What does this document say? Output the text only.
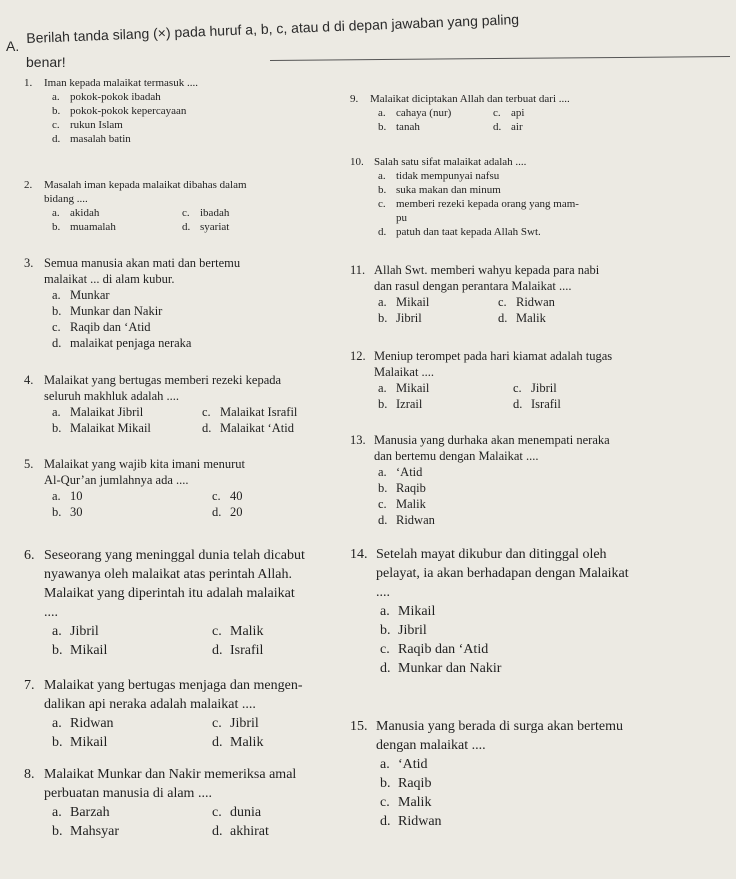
A.
Berilah tanda silang (×) pada huruf a, b, c, atau d di depan jawaban yang paling
benar!
1.	Iman kepada malaikat termasuk ....
a. pokok-pokok ibadah
b. pokok-pokok kepercayaan
c. rukun Islam
d. masalah batin
2.	Masalah iman kepada malaikat dibahas dalam
bidang ....
a. akidah	c. ibadah
b. muamalah	d. syariat
3. Semua manusia akan mati dan bertemu
malaikat ... di alam kubur.
a. Munkar
b. Munkar dan Nakir
c. Raqib dan ‘Atid
d. malaikat penjaga neraka
4. Malaikat yang bertugas memberi rezeki kepada
seluruh makhluk adalah ....
a. Malaikat Jibril	c. Malaikat Israfil
b. Malaikat Mikail	d. Malaikat ‘Atid
5. Malaikat yang wajib kita imani menurut
Al-Qur’an jumlahnya ada ....
a. 10	c. 40
b. 30	d. 20
6. Seseorang yang meninggal dunia telah dicabut
nyawanya oleh malaikat atas perintah Allah.
Malaikat yang diperintah itu adalah malaikat
....
a. Jibril	c. Malik
b. Mikail	d. Israfil
7. Malaikat yang bertugas menjaga dan mengen-
dalikan api neraka adalah malaikat ....
a. Ridwan	c. Jibril
b. Mikail	d. Malik
8. Malaikat Munkar dan Nakir memeriksa amal
perbuatan manusia di alam ....
a. Barzah	c. dunia
b. Mahsyar	d. akhirat
9.	Malaikat diciptakan Allah dan terbuat dari ....
a. cahaya (nur)	c. api
b. tanah	d. air
10. Salah satu sifat malaikat adalah ....
a. tidak mempunyai nafsu
b. suka makan dan minum
c. memberi rezeki kepada orang yang mam-
pu
d. patuh dan taat kepada Allah Swt.
11. Allah Swt. memberi wahyu kepada para nabi
dan rasul dengan perantara Malaikat ....
a. Mikail	c. Ridwan
b. Jibril	d. Malik
12. Meniup terompet pada hari kiamat adalah tugas
Malaikat ....
a. Mikail	c. Jibril
b. Izrail	d. Israfil
13. Manusia yang durhaka akan menempati neraka
dan bertemu dengan Malaikat ....
a. ‘Atid
b. Raqib
c. Malik
d. Ridwan
14. Setelah mayat dikubur dan ditinggal oleh
pelayat, ia akan berhadapan dengan Malaikat
....
a. Mikail
b. Jibril
c. Raqib dan ‘Atid
d. Munkar dan Nakir
15. Manusia yang berada di surga akan bertemu
dengan malaikat ....
a. ‘Atid
b. Raqib
c. Malik
d. Ridwan
